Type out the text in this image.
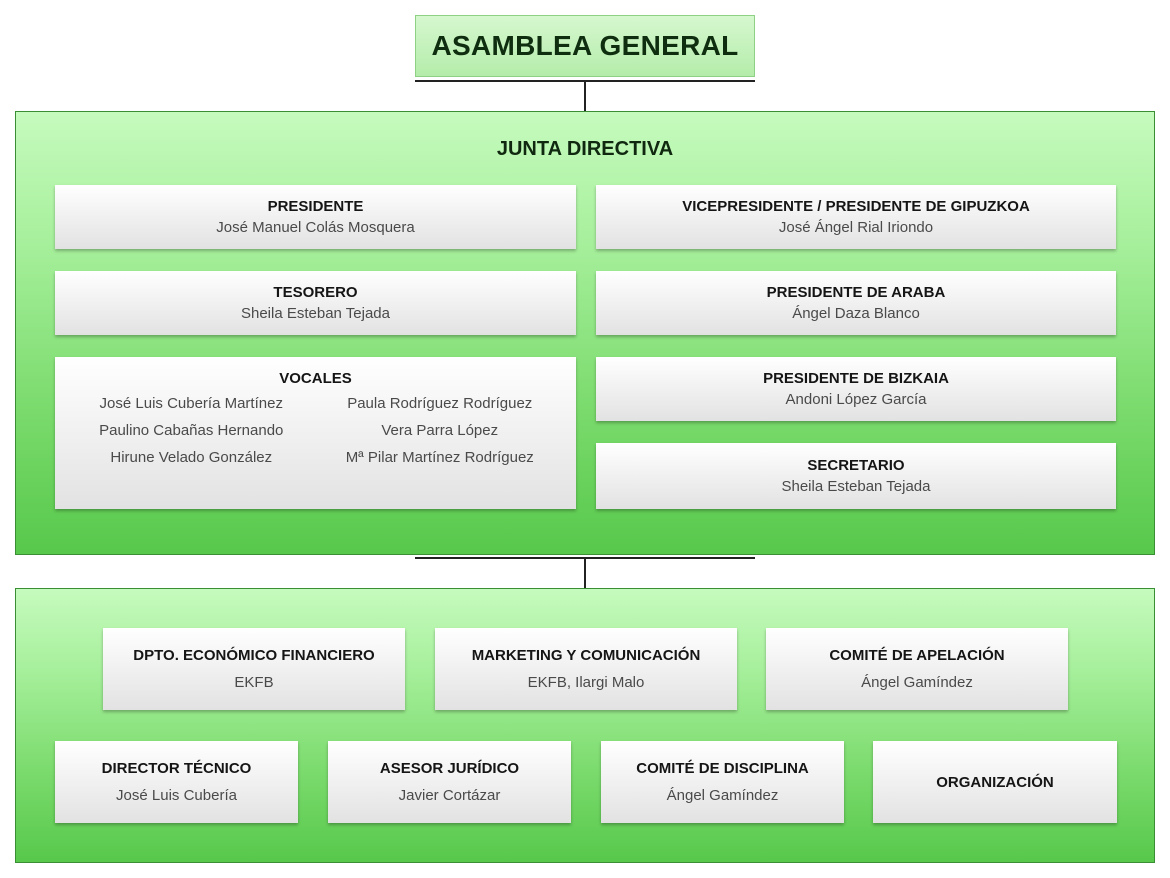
ASAMBLEA GENERAL
JUNTA DIRECTIVA
PRESIDENTE
José Manuel Colás Mosquera
VICEPRESIDENTE / PRESIDENTE DE GIPUZKOA
José Ángel Rial Iriondo
TESORERO
Sheila Esteban Tejada
PRESIDENTE DE ARABA
Ángel Daza Blanco
VOCALES
José Luis Cubería Martínez	Paula Rodríguez Rodríguez
Paulino Cabañas Hernando	Vera Parra López
Hirune Velado González	Mª Pilar Martínez Rodríguez
PRESIDENTE DE BIZKAIA
Andoni López García
SECRETARIO
Sheila Esteban Tejada
DPTO. ECONÓMICO FINANCIERO
EKFB
MARKETING Y COMUNICACIÓN
EKFB, Ilargi Malo
COMITÉ DE APELACIÓN
Ángel Gamíndez
DIRECTOR TÉCNICO
José Luis Cubería
ASESOR JURÍDICO
Javier Cortázar
COMITÉ DE DISCIPLINA
Ángel Gamíndez
ORGANIZACIÓN
